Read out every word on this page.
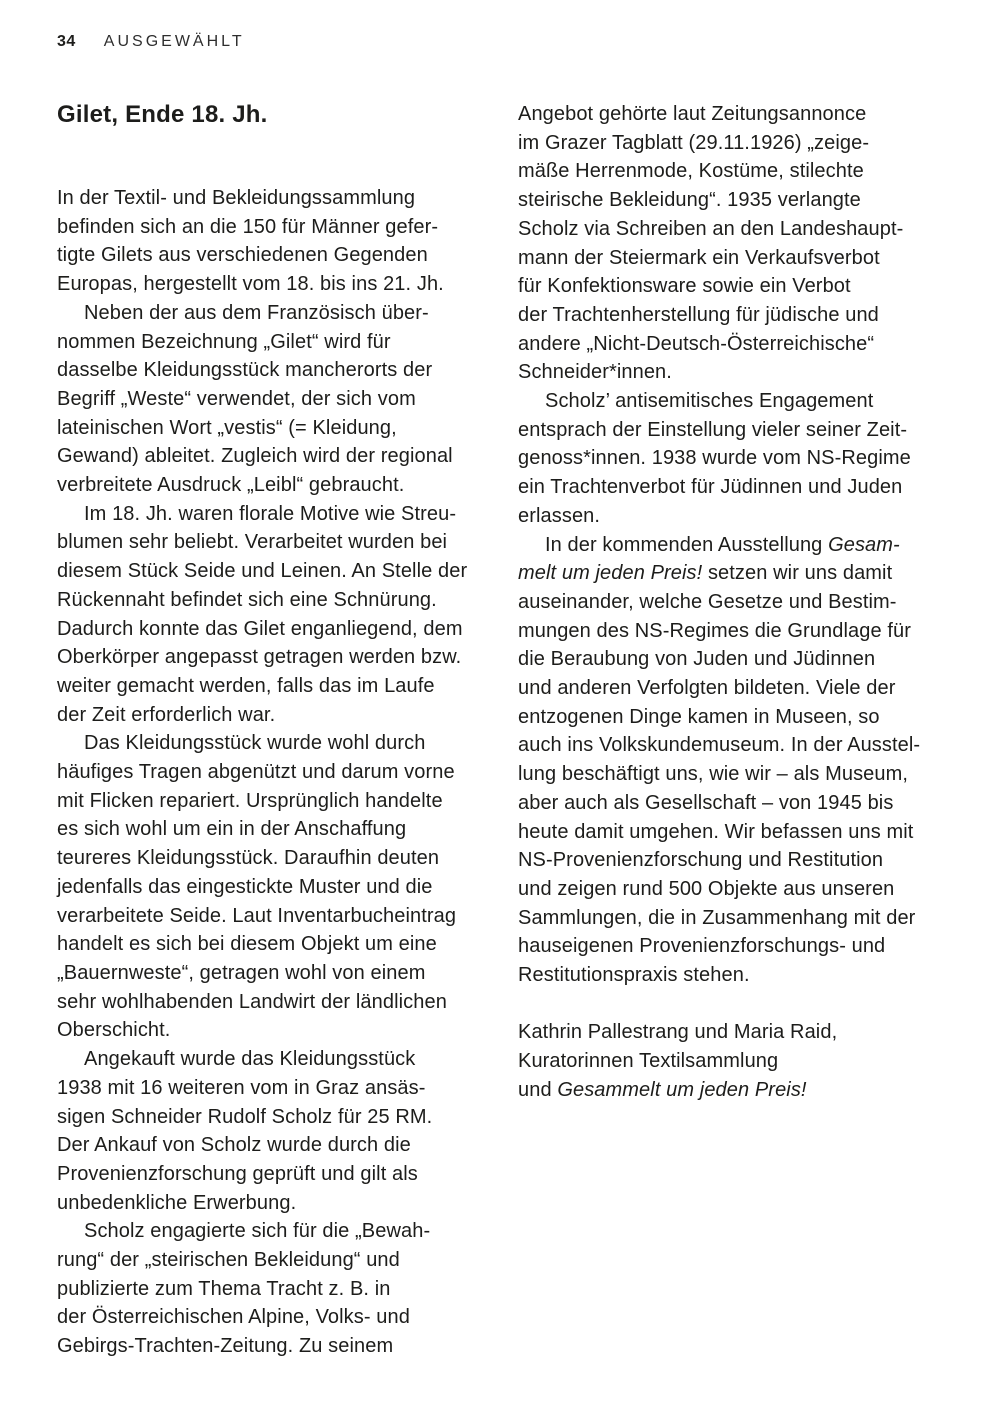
34 AUSGEWÄHLT
Gilet, Ende 18. Jh.
In der Textil- und Bekleidungssammlung
befinden sich an die 150 für Männer gefer-
tigte Gilets aus verschiedenen Gegenden
Europas, hergestellt vom 18. bis ins 21. Jh.
Neben der aus dem Französisch über-
nommen Bezeichnung „Gilet“ wird für
dasselbe Kleidungsstück mancherorts der
Begriff „Weste“ verwendet, der sich vom
lateinischen Wort „vestis“ (= Kleidung,
Gewand) ableitet. Zugleich wird der regional
verbreitete Ausdruck „Leibl“ gebraucht.
Im 18. Jh. waren florale Motive wie Streu-
blumen sehr beliebt. Verarbeitet wurden bei
diesem Stück Seide und Leinen. An Stelle der
Rückennaht befindet sich eine Schnürung.
Dadurch konnte das Gilet enganliegend, dem
Oberkörper angepasst getragen werden bzw.
weiter gemacht werden, falls das im Laufe
der Zeit erforderlich war.
Das Kleidungsstück wurde wohl durch
häufiges Tragen abgenützt und darum vorne
mit Flicken repariert. Ursprünglich handelte
es sich wohl um ein in der Anschaffung
teureres Kleidungsstück. Daraufhin deuten
jedenfalls das eingestickte Muster und die
verarbeitete Seide. Laut Inventarbucheintrag
handelt es sich bei diesem Objekt um eine
„Bauernweste“, getragen wohl von einem
sehr wohlhabenden Landwirt der ländlichen
Oberschicht.
Angekauft wurde das Kleidungsstück
1938 mit 16 weiteren vom in Graz ansäs-
sigen Schneider Rudolf Scholz für 25 RM.
Der Ankauf von Scholz wurde durch die
Provenienzforschung geprüft und gilt als
unbedenkliche Erwerbung.
Scholz engagierte sich für die „Bewah-
rung“ der „steirischen Bekleidung“ und
publizierte zum Thema Tracht z. B. in
der Österreichischen Alpine, Volks- und
Gebirgs-Trachten-Zeitung. Zu seinem
Angebot gehörte laut Zeitungsannonce
im Grazer Tagblatt (29.11.1926) „zeige-
mäße Herrenmode, Kostüme, stilechte
steirische Bekleidung“. 1935 verlangte
Scholz via Schreiben an den Landeshaupt-
mann der Steiermark ein Verkaufsverbot
für Konfektionsware sowie ein Verbot
der Trachtenherstellung für jüdische und
andere „Nicht-Deutsch-Österreichische“
Schneider*innen.
Scholz’ antisemitisches Engagement
entsprach der Einstellung vieler seiner Zeit-
genoss*innen. 1938 wurde vom NS-Regime
ein Trachtenverbot für Jüdinnen und Juden
erlassen.
In der kommenden Ausstellung Gesam-
melt um jeden Preis! setzen wir uns damit
auseinander, welche Gesetze und Bestim-
mungen des NS-Regimes die Grundlage für
die Beraubung von Juden und Jüdinnen
und anderen Verfolgten bildeten. Viele der
entzogenen Dinge kamen in Museen, so
auch ins Volkskundemuseum. In der Ausstel-
lung beschäftigt uns, wie wir – als Museum,
aber auch als Gesellschaft – von 1945 bis
heute damit umgehen. Wir befassen uns mit
NS-Provenienzforschung und Restitution
und zeigen rund 500 Objekte aus unseren
Sammlungen, die in Zusammenhang mit der
hauseigenen Provenienzforschungs- und
Restitutionspraxis stehen.
Kathrin Pallestrang und Maria Raid,
Kuratorinnen Textilsammlung
und Gesammelt um jeden Preis!
